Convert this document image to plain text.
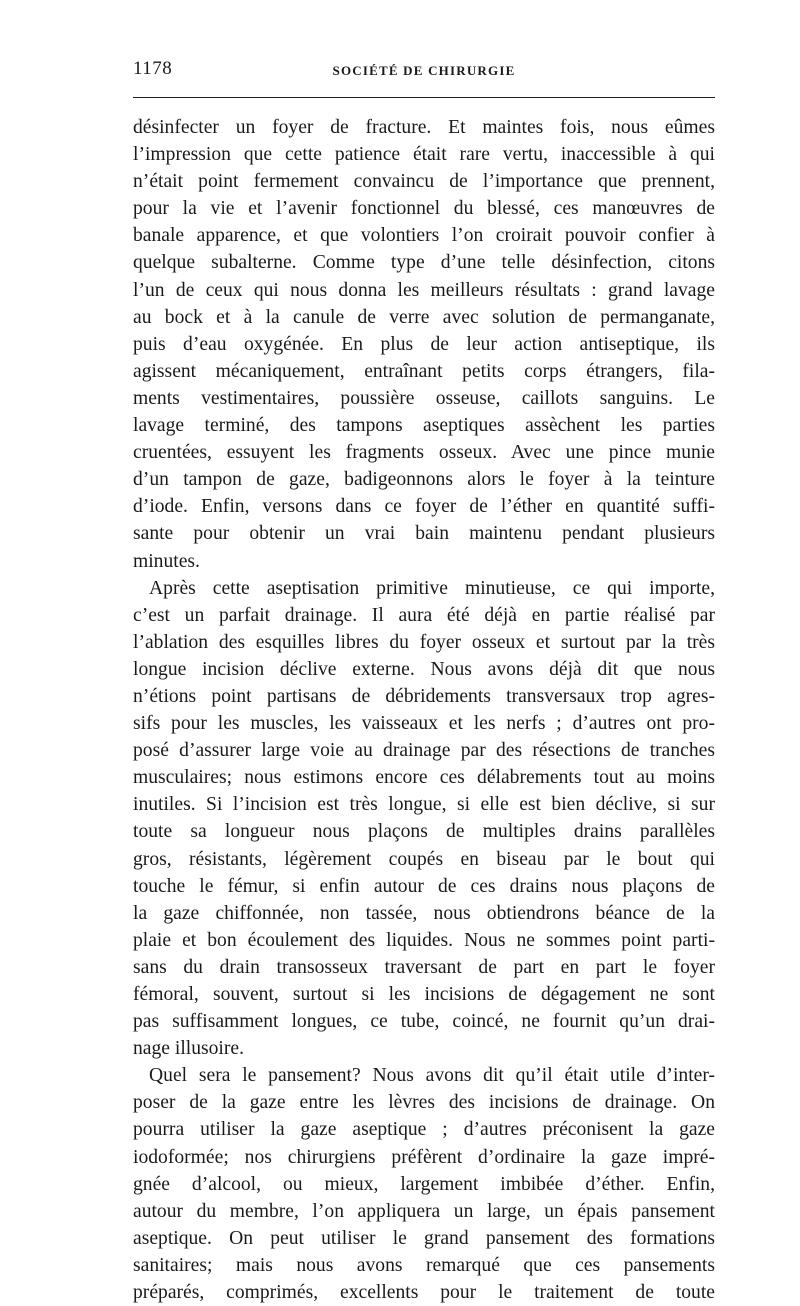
1178	SOCIÉTÉ DE CHIRURGIE
désinfecter un foyer de fracture. Et maintes fois, nous eûmes
l’impression que cette patience était rare vertu, inaccessible à qui
n’était point fermement convaincu de l’importance que prennent,
pour la vie et l’avenir fonctionnel du blessé, ces manœuvres de
banale apparence, et que volontiers l’on croirait pouvoir confier à
quelque subalterne. Comme type d’une telle désinfection, citons
l’un de ceux qui nous donna les meilleurs résultats : grand lavage
au bock et à la canule de verre avec solution de permanganate,
puis d’eau oxygénée. En plus de leur action antiseptique, ils
agissent mécaniquement, entraînant petits corps étrangers, fila-
ments vestimentaires, poussière osseuse, caillots sanguins. Le
lavage terminé, des tampons aseptiques assèchent les parties
cruentées, essuyent les fragments osseux. Avec une pince munie
d’un tampon de gaze, badigeonnons alors le foyer à la teinture
d’iode. Enfin, versons dans ce foyer de l’éther en quantité suffi-
sante pour obtenir un vrai bain maintenu pendant plusieurs
minutes.
Après cette aseptisation primitive minutieuse, ce qui importe,
c’est un parfait drainage. Il aura été déjà en partie réalisé par
l’ablation des esquilles libres du foyer osseux et surtout par la très
longue incision déclive externe. Nous avons déjà dit que nous
n’étions point partisans de débridements transversaux trop agres-
sifs pour les muscles, les vaisseaux et les nerfs ; d’autres ont pro-
posé d’assurer large voie au drainage par des résections de tranches
musculaires; nous estimons encore ces délabrements tout au moins
inutiles. Si l’incision est très longue, si elle est bien déclive, si sur
toute sa longueur nous plaçons de multiples drains parallèles
gros, résistants, légèrement coupés en biseau par le bout qui
touche le fémur, si enfin autour de ces drains nous plaçons de
la gaze chiffonnée, non tassée, nous obtiendrons béance de la
plaie et bon écoulement des liquides. Nous ne sommes point parti-
sans du drain transosseux traversant de part en part le foyer
fémoral, souvent, surtout si les incisions de dégagement ne sont
pas suffisamment longues, ce tube, coincé, ne fournit qu’un drai-
nage illusoire.
Quel sera le pansement? Nous avons dit qu’il était utile d’inter-
poser de la gaze entre les lèvres des incisions de drainage. On
pourra utiliser la gaze aseptique ; d’autres préconisent la gaze
iodoformée; nos chirurgiens préfèrent d’ordinaire la gaze impré-
gnée d’alcool, ou mieux, largement imbibée d’éther. Enfin,
autour du membre, l’on appliquera un large, un épais pansement
aseptique. On peut utiliser le grand pansement des formations
sanitaires; mais nous avons remarqué que ces pansements
préparés, comprimés, excellents pour le traitement de toute
